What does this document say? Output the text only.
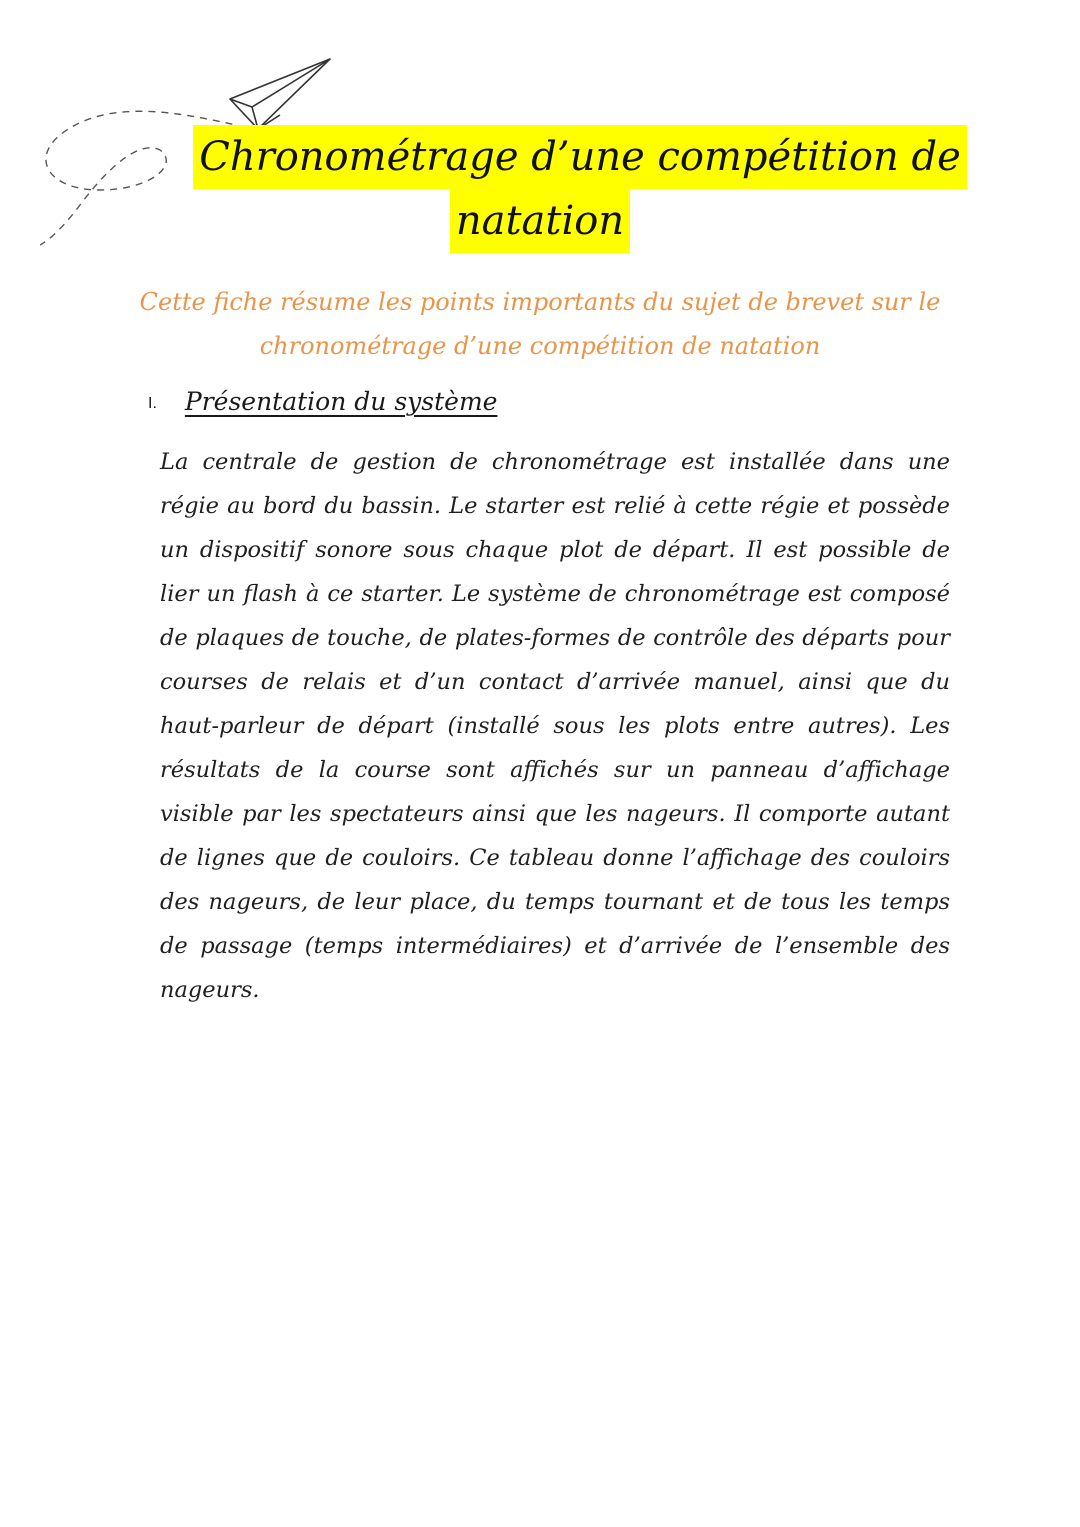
Chronométrage d’une compétition de
natation
Cette fiche résume les points importants du sujet de brevet sur le chronométrage d’une compétition de natation
I. Présentation du système
La centrale de gestion de chronométrage est installée dans une régie au bord du bassin. Le starter est relié à cette régie et possède un dispositif sonore sous chaque plot de départ. Il est possible de lier un flash à ce starter. Le système de chronométrage est composé de plaques de touche, de plates-formes de contrôle des départs pour courses de relais et d’un contact d’arrivée manuel, ainsi que du haut-parleur de départ (installé sous les plots entre autres). Les résultats de la course sont affichés sur un panneau d’affichage visible par les spectateurs ainsi que les nageurs. Il comporte autant de lignes que de couloirs. Ce tableau donne l’affichage des couloirs des nageurs, de leur place, du temps tournant et de tous les temps de passage (temps intermédiaires) et d’arrivée de l’ensemble des nageurs.
